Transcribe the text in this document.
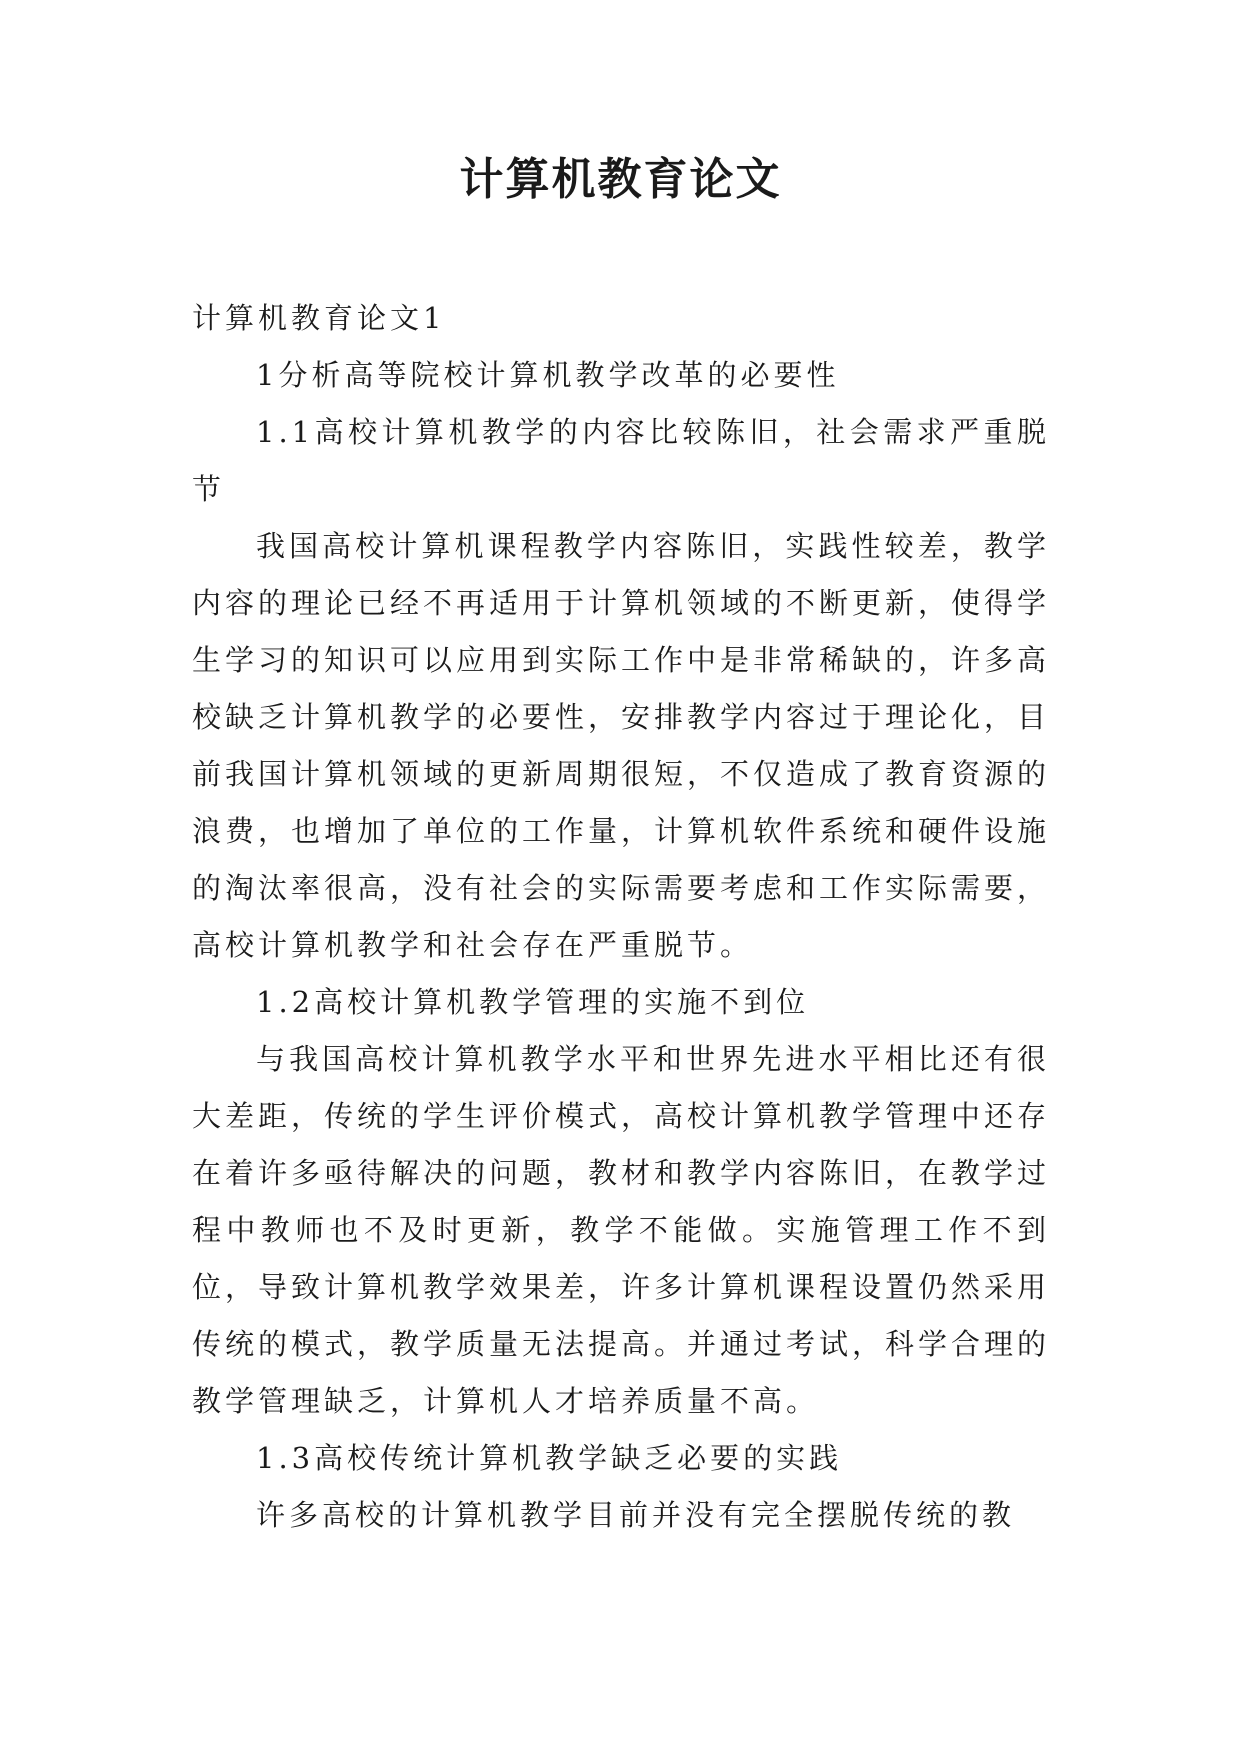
计算机教育论文

计算机教育论文1

1分析高等院校计算机教学改革的必要性

1.1高校计算机教学的内容比较陈旧，社会需求严重脱节

我国高校计算机课程教学内容陈旧，实践性较差，教学内容的理论已经不再适用于计算机领域的不断更新，使得学生学习的知识可以应用到实际工作中是非常稀缺的，许多高校缺乏计算机教学的必要性，安排教学内容过于理论化，目前我国计算机领域的更新周期很短，不仅造成了教育资源的浪费，也增加了单位的工作量，计算机软件系统和硬件设施的淘汰率很高，没有社会的实际需要考虑和工作实际需要，高校计算机教学和社会存在严重脱节。

1.2高校计算机教学管理的实施不到位

与我国高校计算机教学水平和世界先进水平相比还有很大差距，传统的学生评价模式，高校计算机教学管理中还存在着许多亟待解决的问题，教材和教学内容陈旧，在教学过程中教师也不及时更新，教学不能做。实施管理工作不到位，导致计算机教学效果差，许多计算机课程设置仍然采用传统的模式，教学质量无法提高。并通过考试，科学合理的教学管理缺乏，计算机人才培养质量不高。

1.3高校传统计算机教学缺乏必要的实践

许多高校的计算机教学目前并没有完全摆脱传统的教
